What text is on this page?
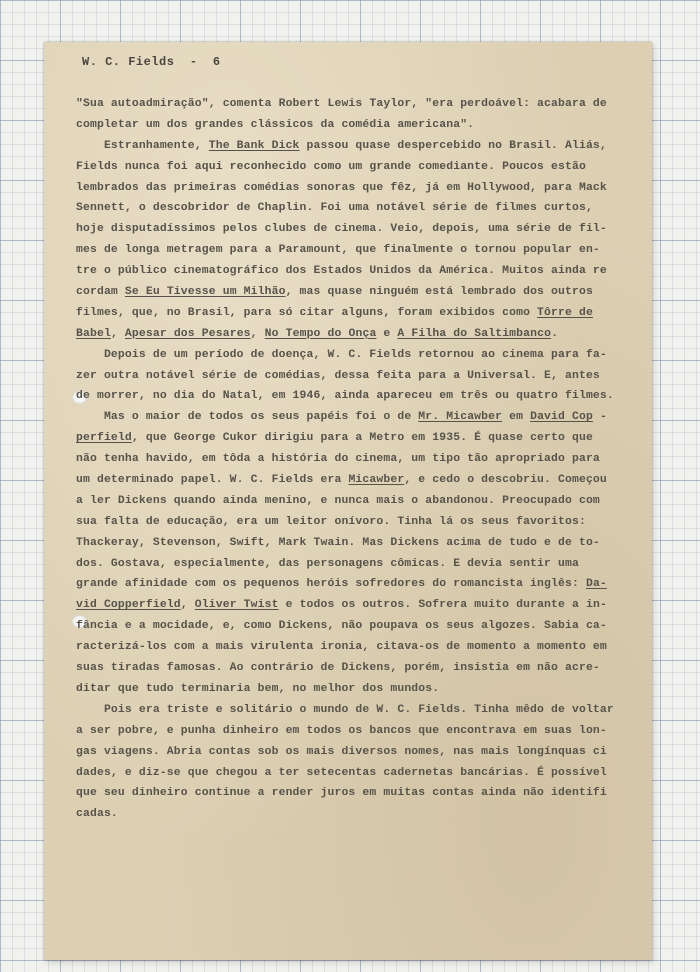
W. C. Fields  -  6
"Sua autoadmiração", comenta Robert Lewis Taylor, "era perdoável: acabara de
completar um dos grandes clássicos da comédia americana".
Estranhamente, The Bank Dick passou quase despercebido no Brasil. Aliás,
Fields nunca foi aqui reconhecido como um grande comediante. Poucos estão
lembrados das primeiras comédias sonoras que fêz, já em Hollywood, para Mack
Sennett, o descobridor de Chaplin. Foi uma notável série de filmes curtos,
hoje disputadíssimos pelos clubes de cinema. Veio, depois, uma série de fil-
mes de longa metragem para a Paramount, que finalmente o tornou popular en-
tre o público cinematográfico dos Estados Unidos da América. Muitos ainda re
cordam Se Eu Tivesse um Milhão, mas quase ninguém está lembrado dos outros
filmes, que, no Brasil, para só citar alguns, foram exibidos como Tôrre de
Babel, Apesar dos Pesares, No Tempo do Onça e A Filha do Saltimbanco.
Depois de um período de doença, W. C. Fields retornou ao cinema para fa-
zer outra notável série de comédias, dessa feita para a Universal. E, antes
de morrer, no dia do Natal, em 1946, ainda apareceu em três ou quatro filmes.
Mas o maior de todos os seus papéis foi o de Mr. Micawber em David Cop -
perfield, que George Cukor dirigiu para a Metro em 1935. É quase certo que
não tenha havido, em tôda a história do cinema, um tipo tão apropriado para
um determinado papel. W. C. Fields era Micawber, e cedo o descobriu. Começou
a ler Dickens quando ainda menino, e nunca mais o abandonou. Preocupado com
sua falta de educação, era um leitor onívoro. Tinha lá os seus favoritos:
Thackeray, Stevenson, Swift, Mark Twain. Mas Dickens acima de tudo e de to-
dos. Gostava, especialmente, das personagens cômicas. E devia sentir uma
grande afinidade com os pequenos heróis sofredores do romancista inglês: Da-
vid Copperfield, Oliver Twist e todos os outros. Sofrera muito durante a in-
fância e a mocidade, e, como Dickens, não poupava os seus algozes. Sabia ca-
racterizá-los com a mais virulenta ironia, citava-os de momento a momento em
suas tiradas famosas. Ao contrário de Dickens, porém, insistia em não acre-
ditar que tudo terminaria bem, no melhor dos mundos.
Pois era triste e solitário o mundo de W. C. Fields. Tinha mêdo de voltar
a ser pobre, e punha dinheiro em todos os bancos que encontrava em suas lon-
gas viagens. Abria contas sob os mais diversos nomes, nas mais longínquas ci
dades, e diz-se que chegou a ter setecentas cadernetas bancárias. É possível
que seu dinheiro continue a render juros em muitas contas ainda não identifi
cadas.
